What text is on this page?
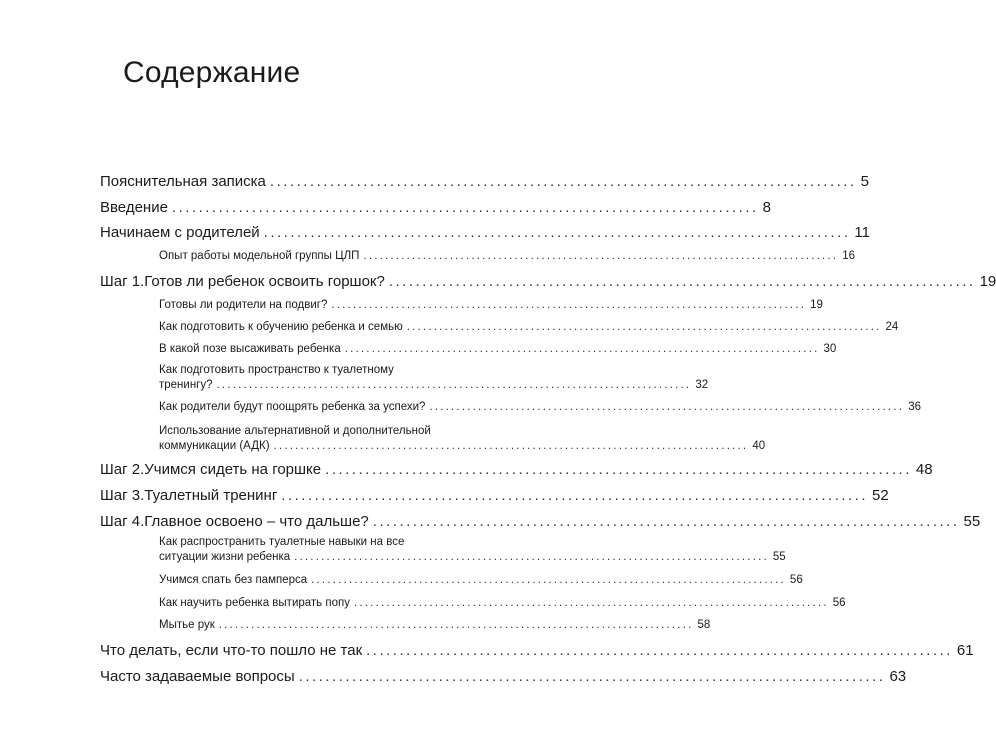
Содержание
Пояснительная записка ........................................................................................ 5
Введение ........................................................................................ 8
Начинаем с родителей ........................................................................................ 11
Опыт работы модельной группы ЦЛП ........................................................................................ 16
Шаг 1. Готов ли ребенок освоить горшок? ........................................................................................ 19
Готовы ли родители на подвиг? ........................................................................................ 19
Как подготовить к обучению ребенка и семью ........................................................................................ 24
В какой позе высаживать ребенка ........................................................................................ 30
Как подготовить пространство к туалетному
тренингу? ........................................................................................ 32
Как родители будут поощрять ребенка за успехи? ........................................................................................ 36
Использование альтернативной и дополнительной
коммуникации (АДК) ........................................................................................ 40
Шаг 2. Учимся сидеть на горшке ........................................................................................ 48
Шаг 3. Туалетный тренинг ........................................................................................ 52
Шаг 4. Главное освоено – что дальше? ........................................................................................ 55
Как распространить туалетные навыки на все
ситуации жизни ребенка ........................................................................................ 55
Учимся спать без памперса ........................................................................................ 56
Как научить ребенка вытирать попу ........................................................................................ 56
Мытье рук ........................................................................................ 58
Что делать, если что-то пошло не так ........................................................................................ 61
Часто задаваемые вопросы ........................................................................................ 63
